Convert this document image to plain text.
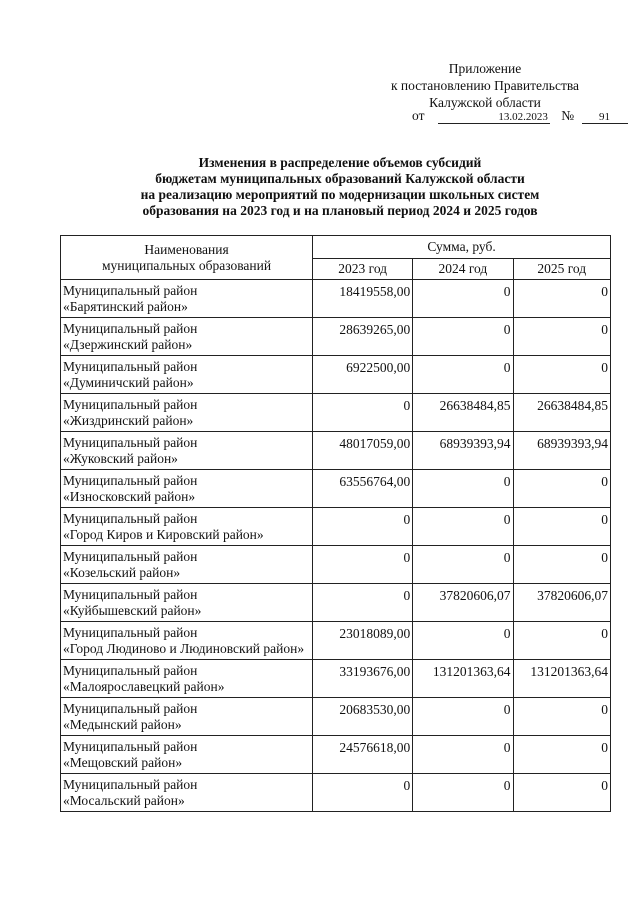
Приложение
к постановлению Правительства
Калужской области
от	13.02.2023 № 91
Изменения в распределение объемов субсидий
бюджетам муниципальных образований Калужской области
на реализацию мероприятий по модернизации школьных систем
образования на 2023 год и на плановый период 2024 и 2025 годов
Наименования
муниципальных образований	Сумма, руб.		
	2023 год	2024 год	2025 год
Муниципальный район
«Барятинский район»	18419558,00	0	0
Муниципальный район
«Дзержинский район»	28639265,00	0	0
Муниципальный район
«Думиничский район»	6922500,00	0	0
Муниципальный район
«Жиздринский район»	0	26638484,85	26638484,85
Муниципальный район
«Жуковский район»	48017059,00	68939393,94	68939393,94
Муниципальный район
«Износковский район»	63556764,00	0	0
Муниципальный район
«Город Киров и Кировский район»	0	0	0
Муниципальный район
«Козельский район»	0	0	0
Муниципальный район
«Куйбышевский район»	0	37820606,07	37820606,07
Муниципальный район
«Город Людиново и Людиновский район»	23018089,00	0	0
Муниципальный район
«Малоярославецкий район»	33193676,00	131201363,64	131201363,64
Муниципальный район
«Медынский район»	20683530,00	0	0
Муниципальный район
«Мещовский район»	24576618,00	0	0
Муниципальный район
«Мосальский район»	0	0	0
